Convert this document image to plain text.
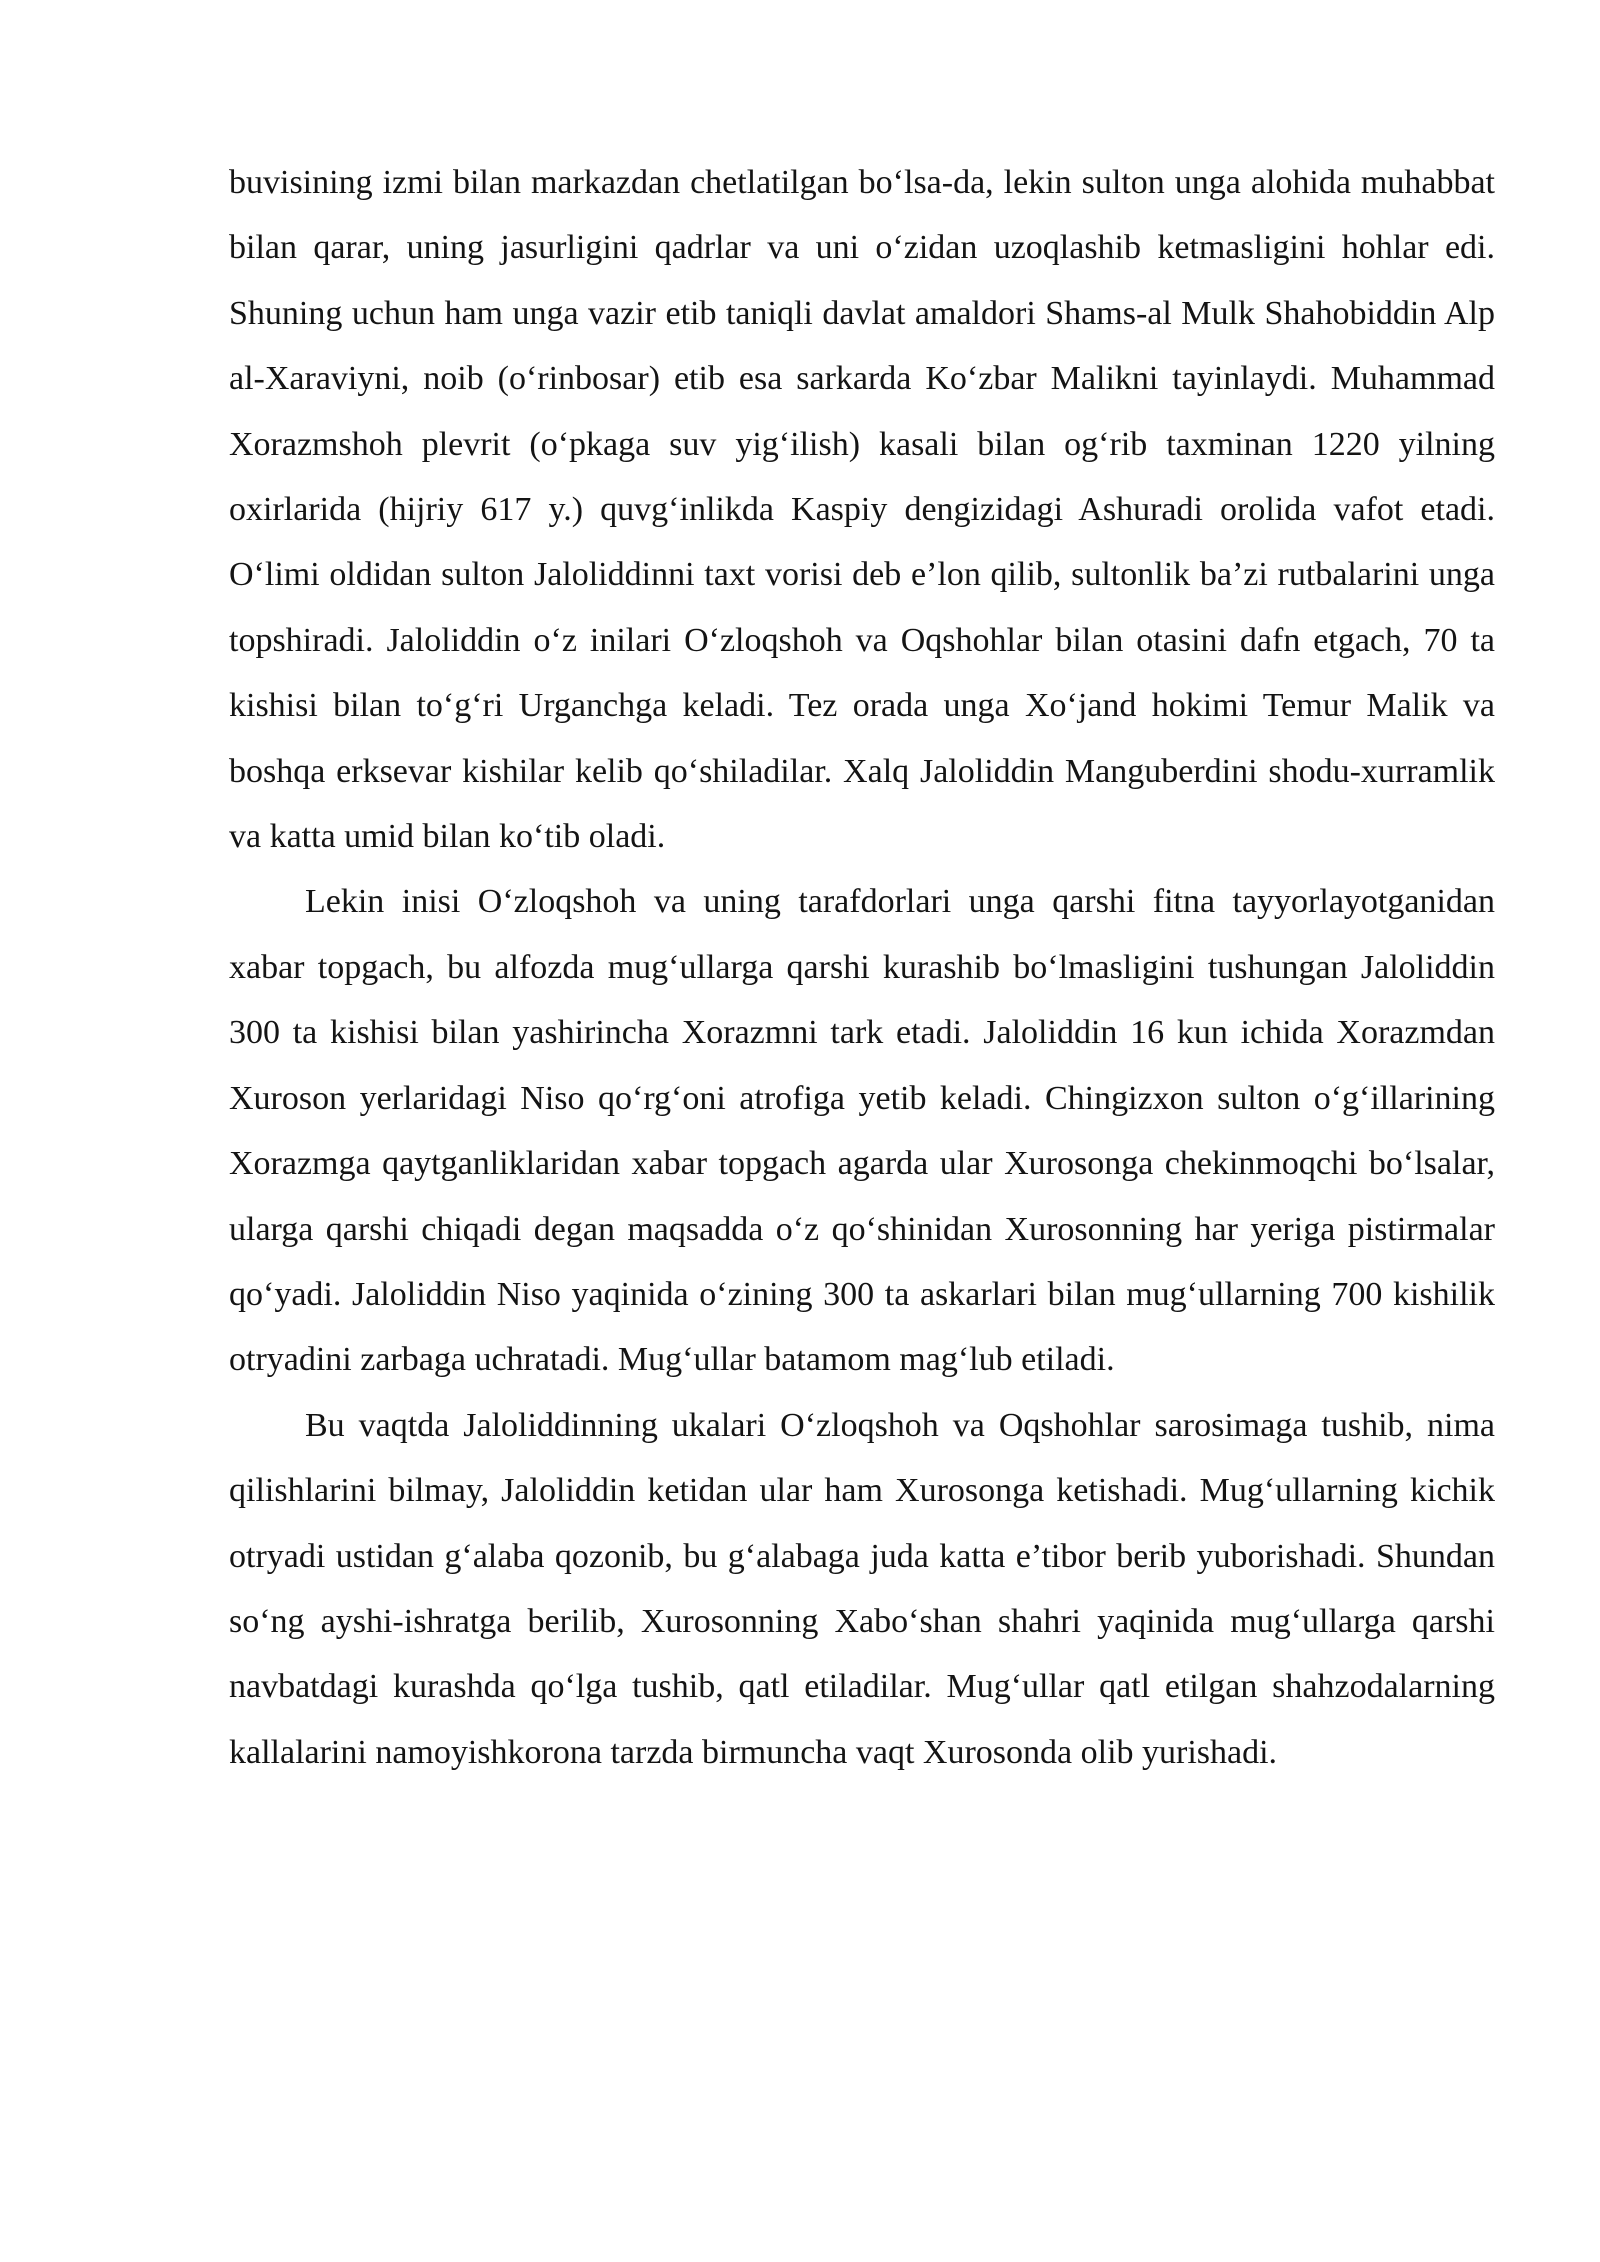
buvisining izmi bilan markazdan chetlatilgan bo‘lsa-da, lekin sulton unga alohida muhabbat bilan qarar, uning jasurligini qadrlar va uni o‘zidan uzoqlashib ketmasligini hohlar edi. Shuning uchun ham unga vazir etib taniqli davlat amaldori Shams-al Mulk Shahobiddin Alp al-Xaraviyni, noib (o‘rinbosar) etib esa sarkarda Ko‘zbar Malikni tayinlaydi. Muhammad Xorazmshoh plevrit (o‘pkaga suv yig‘ilish) kasali bilan og‘rib taxminan 1220 yilning oxirlarida (hijriy 617 y.) quvg‘inlikda Kaspiy dengizidagi Ashuradi orolida vafot etadi. O‘limi oldidan sulton Jaloliddinni taxt vorisi deb e’lon qilib, sultonlik ba’zi rutbalarini unga topshiradi. Jaloliddin o‘z inilari O‘zloqshoh va Oqshohlar bilan otasini dafn etgach, 70 ta kishisi bilan to‘g‘ri Urganchga keladi. Tez orada unga Xo‘jand hokimi Temur Malik va boshqa erksevar kishilar kelib qo‘shiladilar. Xalq Jaloliddin Manguberdini shodu-xurramlik va katta umid bilan ko‘tib oladi.

Lekin inisi O‘zloqshoh va uning tarafdorlari unga qarshi fitna tayyorlayotganidan xabar topgach, bu alfozda mug‘ullarga qarshi kurashib bo‘lmasligini tushungan Jaloliddin 300 ta kishisi bilan yashirincha Xorazmni tark etadi. Jaloliddin 16 kun ichida Xorazmdan Xuroson yerlaridagi Niso qo‘rg‘oni atrofiga yetib keladi. Chingizxon sulton o‘g‘illarining Xorazmga qaytganliklaridan xabar topgach agarda ular Xurosonga chekinmoqchi bo‘lsalar, ularga qarshi chiqadi degan maqsadda o‘z qo‘shinidan Xurosonning har yeriga pistirmalar qo‘yadi. Jaloliddin Niso yaqinida o‘zining 300 ta askarlari bilan mug‘ullarning 700 kishilik otryadini zarbaga uchratadi. Mug‘ullar batamom mag‘lub etiladi.

Bu vaqtda Jaloliddinning ukalari O‘zloqshoh va Oqshohlar sarosimaga tushib, nima qilishlarini bilmay, Jaloliddin ketidan ular ham Xurosonga ketishadi. Mug‘ullarning kichik otryadi ustidan g‘alaba qozonib, bu g‘alabaga juda katta e’tibor berib yuborishadi. Shundan so‘ng ayshi-ishratga berilib, Xurosonning Xabo‘shan shahri yaqinida mug‘ullarga qarshi navbatdagi kurashda qo‘lga tushib, qatl etiladilar. Mug‘ullar qatl etilgan shahzodalarning kallalarini namoyishkorona tarzda birmuncha vaqt Xurosonda olib yurishadi.
